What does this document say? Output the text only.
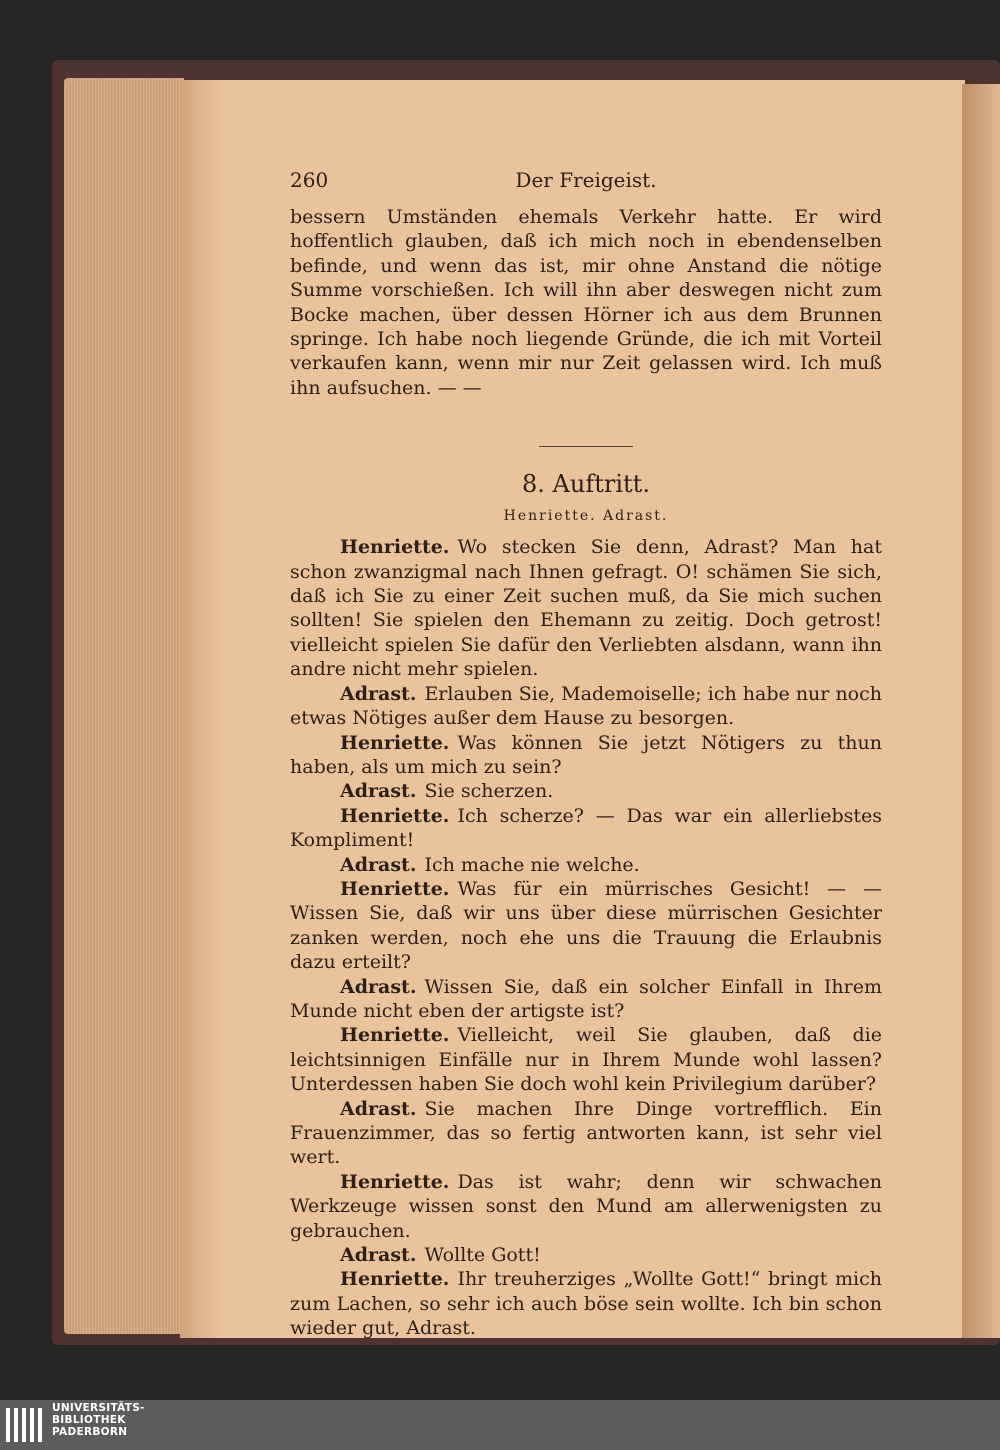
260	Der Freigeist.

bessern Umständen ehemals Verkehr hatte. Er wird hoffentlich glauben, daß ich mich noch in ebendenselben befinde, und wenn das ist, mir ohne Anstand die nötige Summe vorschießen. Ich will ihn aber deswegen nicht zum Bocke machen, über dessen Hörner ich aus dem Brunnen springe. Ich habe noch liegende Gründe, die ich mit Vorteil verkaufen kann, wenn mir nur Zeit gelassen wird. Ich muß ihn aufsuchen. — —

8. Auftritt.
Henriette. Adrast.

Henriette. Wo stecken Sie denn, Adrast? Man hat schon zwanzigmal nach Ihnen gefragt. O! schämen Sie sich, daß ich Sie zu einer Zeit suchen muß, da Sie mich suchen sollten! Sie spielen den Ehemann zu zeitig. Doch getrost! vielleicht spielen Sie dafür den Verliebten alsdann, wann ihn andre nicht mehr spielen.

Adrast. Erlauben Sie, Mademoiselle; ich habe nur noch etwas Nötiges außer dem Hause zu besorgen.

Henriette. Was können Sie jetzt Nötigers zu thun haben, als um mich zu sein?

Adrast. Sie scherzen.

Henriette. Ich scherze? — Das war ein allerliebstes Kompliment!

Adrast. Ich mache nie welche.

Henriette. Was für ein mürrisches Gesicht! — — Wissen Sie, daß wir uns über diese mürrischen Gesichter zanken werden, noch ehe uns die Trauung die Erlaubnis dazu erteilt?

Adrast. Wissen Sie, daß ein solcher Einfall in Ihrem Munde nicht eben der artigste ist?

Henriette. Vielleicht, weil Sie glauben, daß die leichtsinnigen Einfälle nur in Ihrem Munde wohl lassen? Unterdessen haben Sie doch wohl kein Privilegium darüber?

Adrast. Sie machen Ihre Dinge vortrefflich. Ein Frauenzimmer, das so fertig antworten kann, ist sehr viel wert.

Henriette. Das ist wahr; denn wir schwachen Werkzeuge wissen sonst den Mund am allerwenigsten zu gebrauchen.

Adrast. Wollte Gott!

Henriette. Ihr treuherziges „Wollte Gott!“ bringt mich zum Lachen, so sehr ich auch böse sein wollte. Ich bin schon wieder gut, Adrast.

UNIVERSITÄTS-
BIBLIOTHEK
PADERBORN
